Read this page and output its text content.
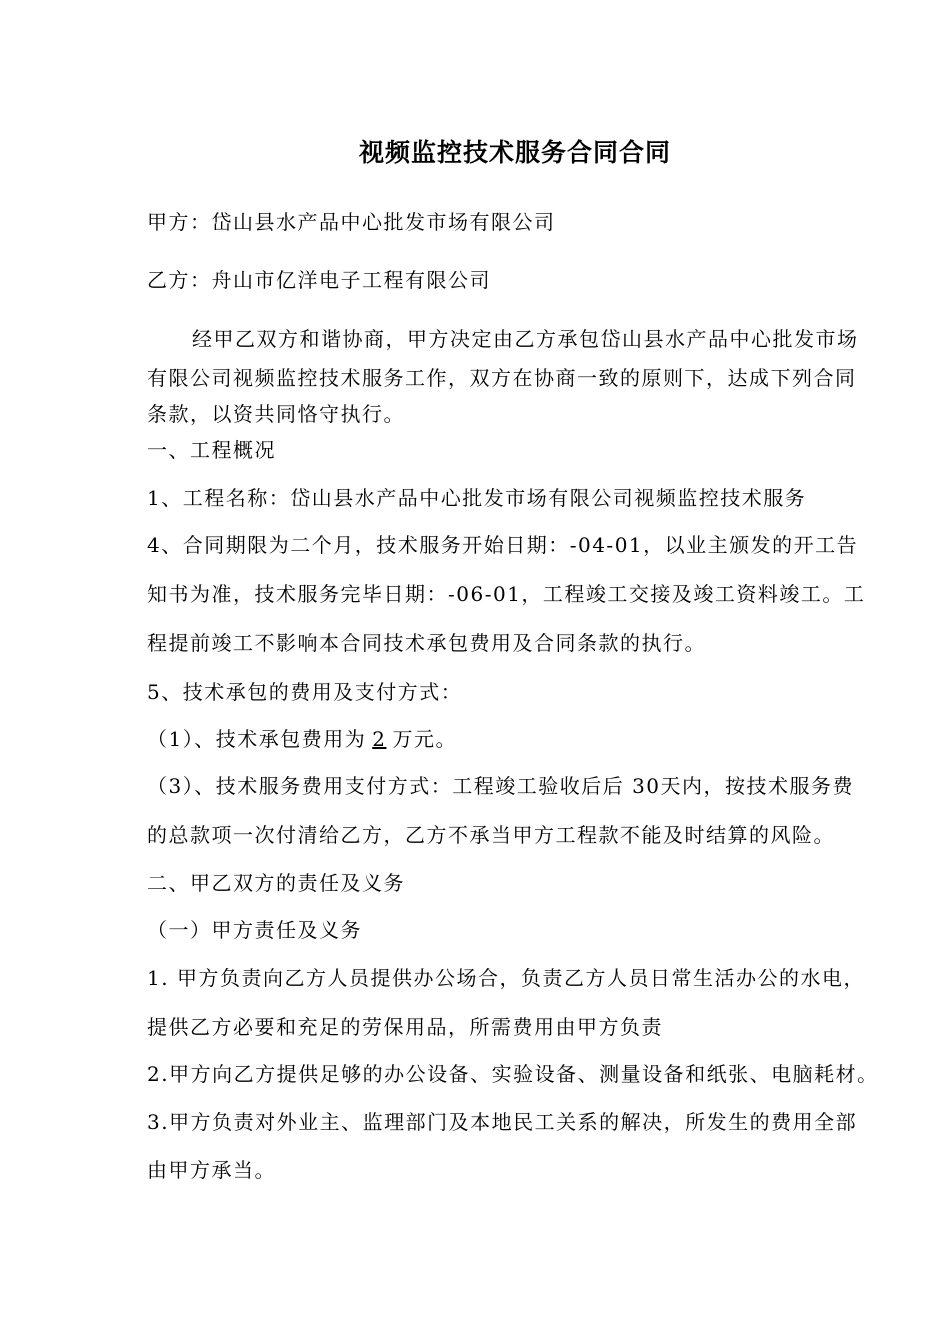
视频监控技术服务合同合同
甲方：岱山县水产品中心批发市场有限公司
乙方：舟山市亿洋电子工程有限公司
经甲乙双方和谐协商，甲方决定由乙方承包岱山县水产品中心批发市场
有限公司视频监控技术服务工作，双方在协商一致的原则下，达成下列合同
条款，以资共同恪守执行。
一、工程概况
1、工程名称：岱山县水产品中心批发市场有限公司视频监控技术服务
4、合同期限为二个月，技术服务开始日期：-04-01，以业主颁发的开工告
知书为准，技术服务完毕日期：-06-01，工程竣工交接及竣工资料竣工。工
程提前竣工不影响本合同技术承包费用及合同条款的执行。
5、技术承包的费用及支付方式：
（1）、技术承包费用为 2 万元。
（3）、技术服务费用支付方式：工程竣工验收后后 30天内，按技术服务费
的总款项一次付清给乙方，乙方不承当甲方工程款不能及时结算的风险。
二、甲乙双方的责任及义务
（一）甲方责任及义务
1. 甲方负责向乙方人员提供办公场合，负责乙方人员日常生活办公的水电，
提供乙方必要和充足的劳保用品，所需费用由甲方负责
2.甲方向乙方提供足够的办公设备、实验设备、测量设备和纸张、电脑耗材。
3.甲方负责对外业主、监理部门及本地民工关系的解决，所发生的费用全部
由甲方承当。
